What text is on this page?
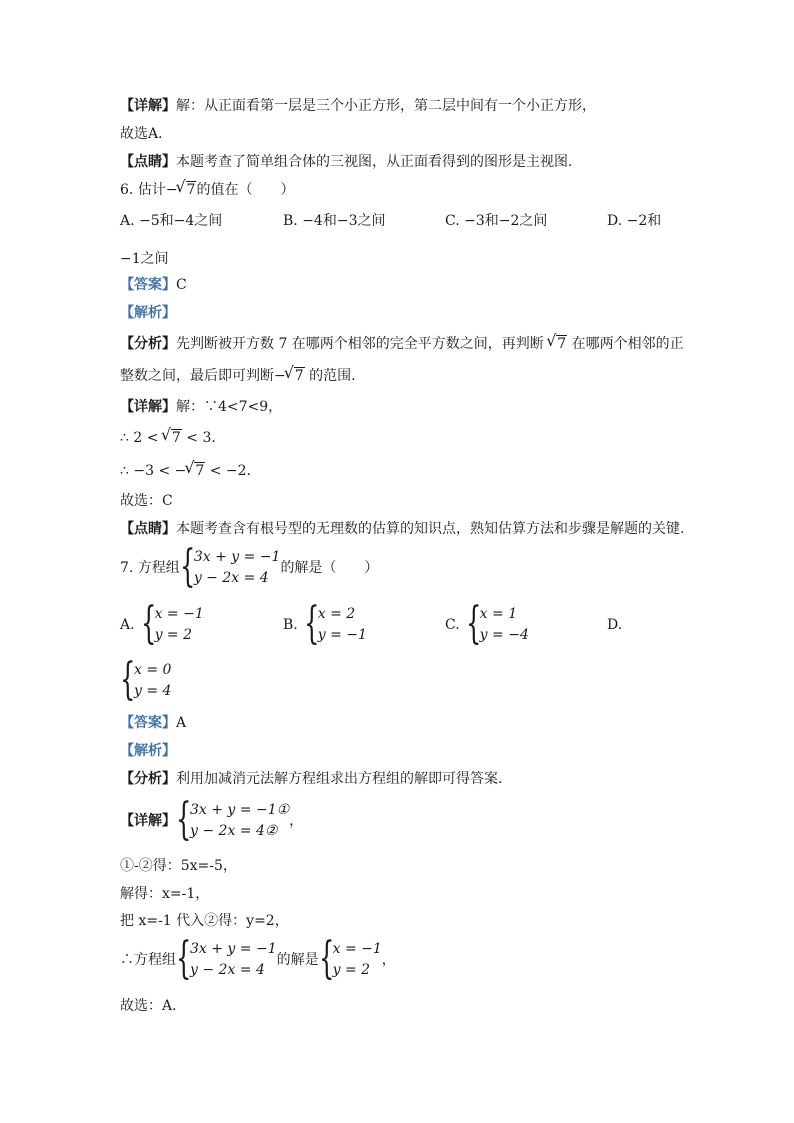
【详解】解：从正面看第一层是三个小正方形，第二层中间有一个小正方形，
故选A．
【点睛】本题考查了简单组合体的三视图，从正面看得到的图形是主视图．
6. 估计− √ 7的值在（　　）
A. −5和−4之间	B. −4和−3之间	C. −3和−2之间	D. −2和
−1之间
【答案】C
【解析】
【分析】先判断被开方数 7 在哪两个相邻的完全平方数之间，再判断 √ 7 在哪两个相邻的正
整数之间，最后即可判断− √ 7 的范围.
【详解】解：∵4<7<9，
∴ 2 < √ 7 < 3．
∴ −3 < − √ 7 < −2．
故选：C
【点睛】本题考查含有根号型的无理数的估算的知识点，熟知估算方法和步骤是解题的关键.
7. 方程组 {
3x + y = −1
y − 2x = 4
的解是（　　）
A. {
x = −1
y = 2
B. {
x = 2
y = −1
C. {
x = 1
y = −4
D.
{
x = 0
y = 4
【答案】A
【解析】
【分析】利用加减消元法解方程组求出方程组的解即可得答案．
【详解】 {
3x + y = −1①
y − 2x = 4②
，
①-②得：5x=-5，
解得：x=-1，
把 x=-1 代入②得：y=2，
∴方程组 {
3x + y = −1
y − 2x = 4
的解是 {
x = −1
y = 2
，
故选：A．
